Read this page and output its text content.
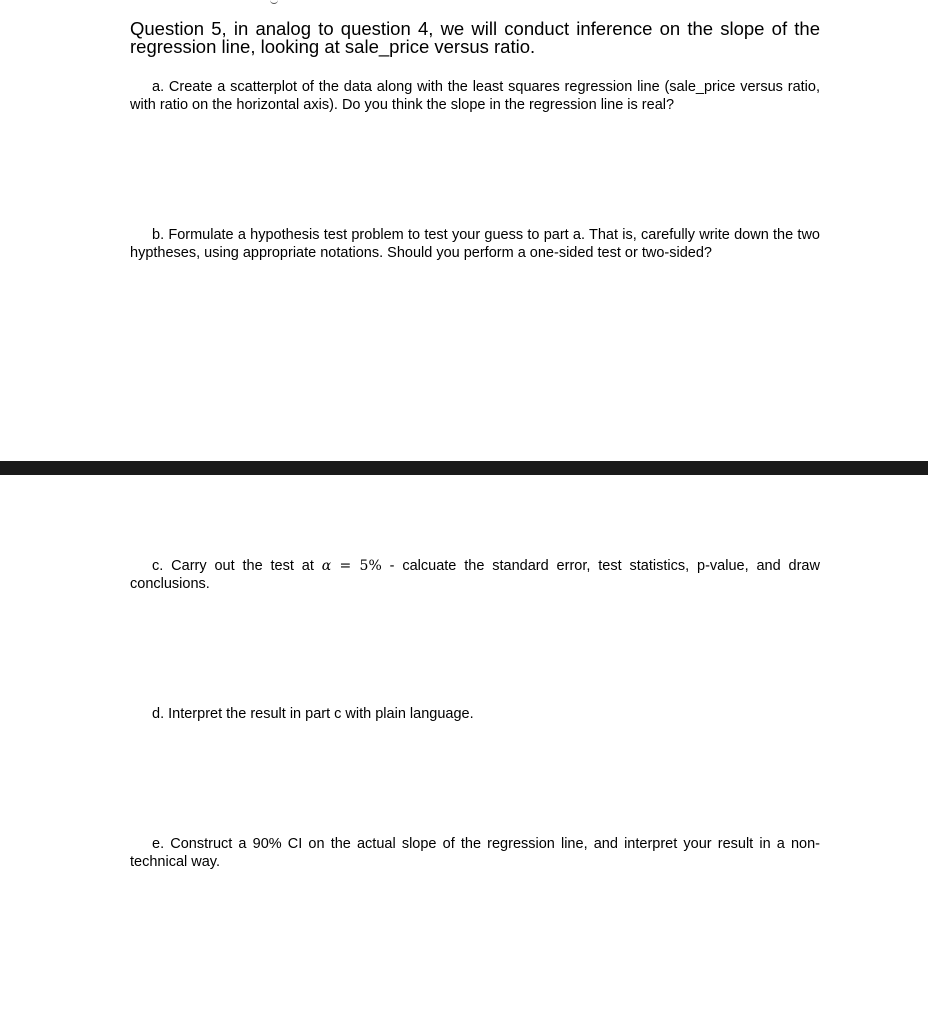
Question 5, in analog to question 4, we will conduct inference on the slope of the regression line, looking at sale_price versus ratio.
a. Create a scatterplot of the data along with the least squares regression line (sale_price versus ratio, with ratio on the horizontal axis). Do you think the slope in the regression line is real?
b. Formulate a hypothesis test problem to test your guess to part a. That is, carefully write down the two hyptheses, using appropriate notations. Should you perform a one-sided test or two-sided?
c. Carry out the test at α = 5% - calcuate the standard error, test statistics, p-value, and draw conclusions.
d. Interpret the result in part c with plain language.
e. Construct a 90% CI on the actual slope of the regression line, and interpret your result in a non-technical way.
